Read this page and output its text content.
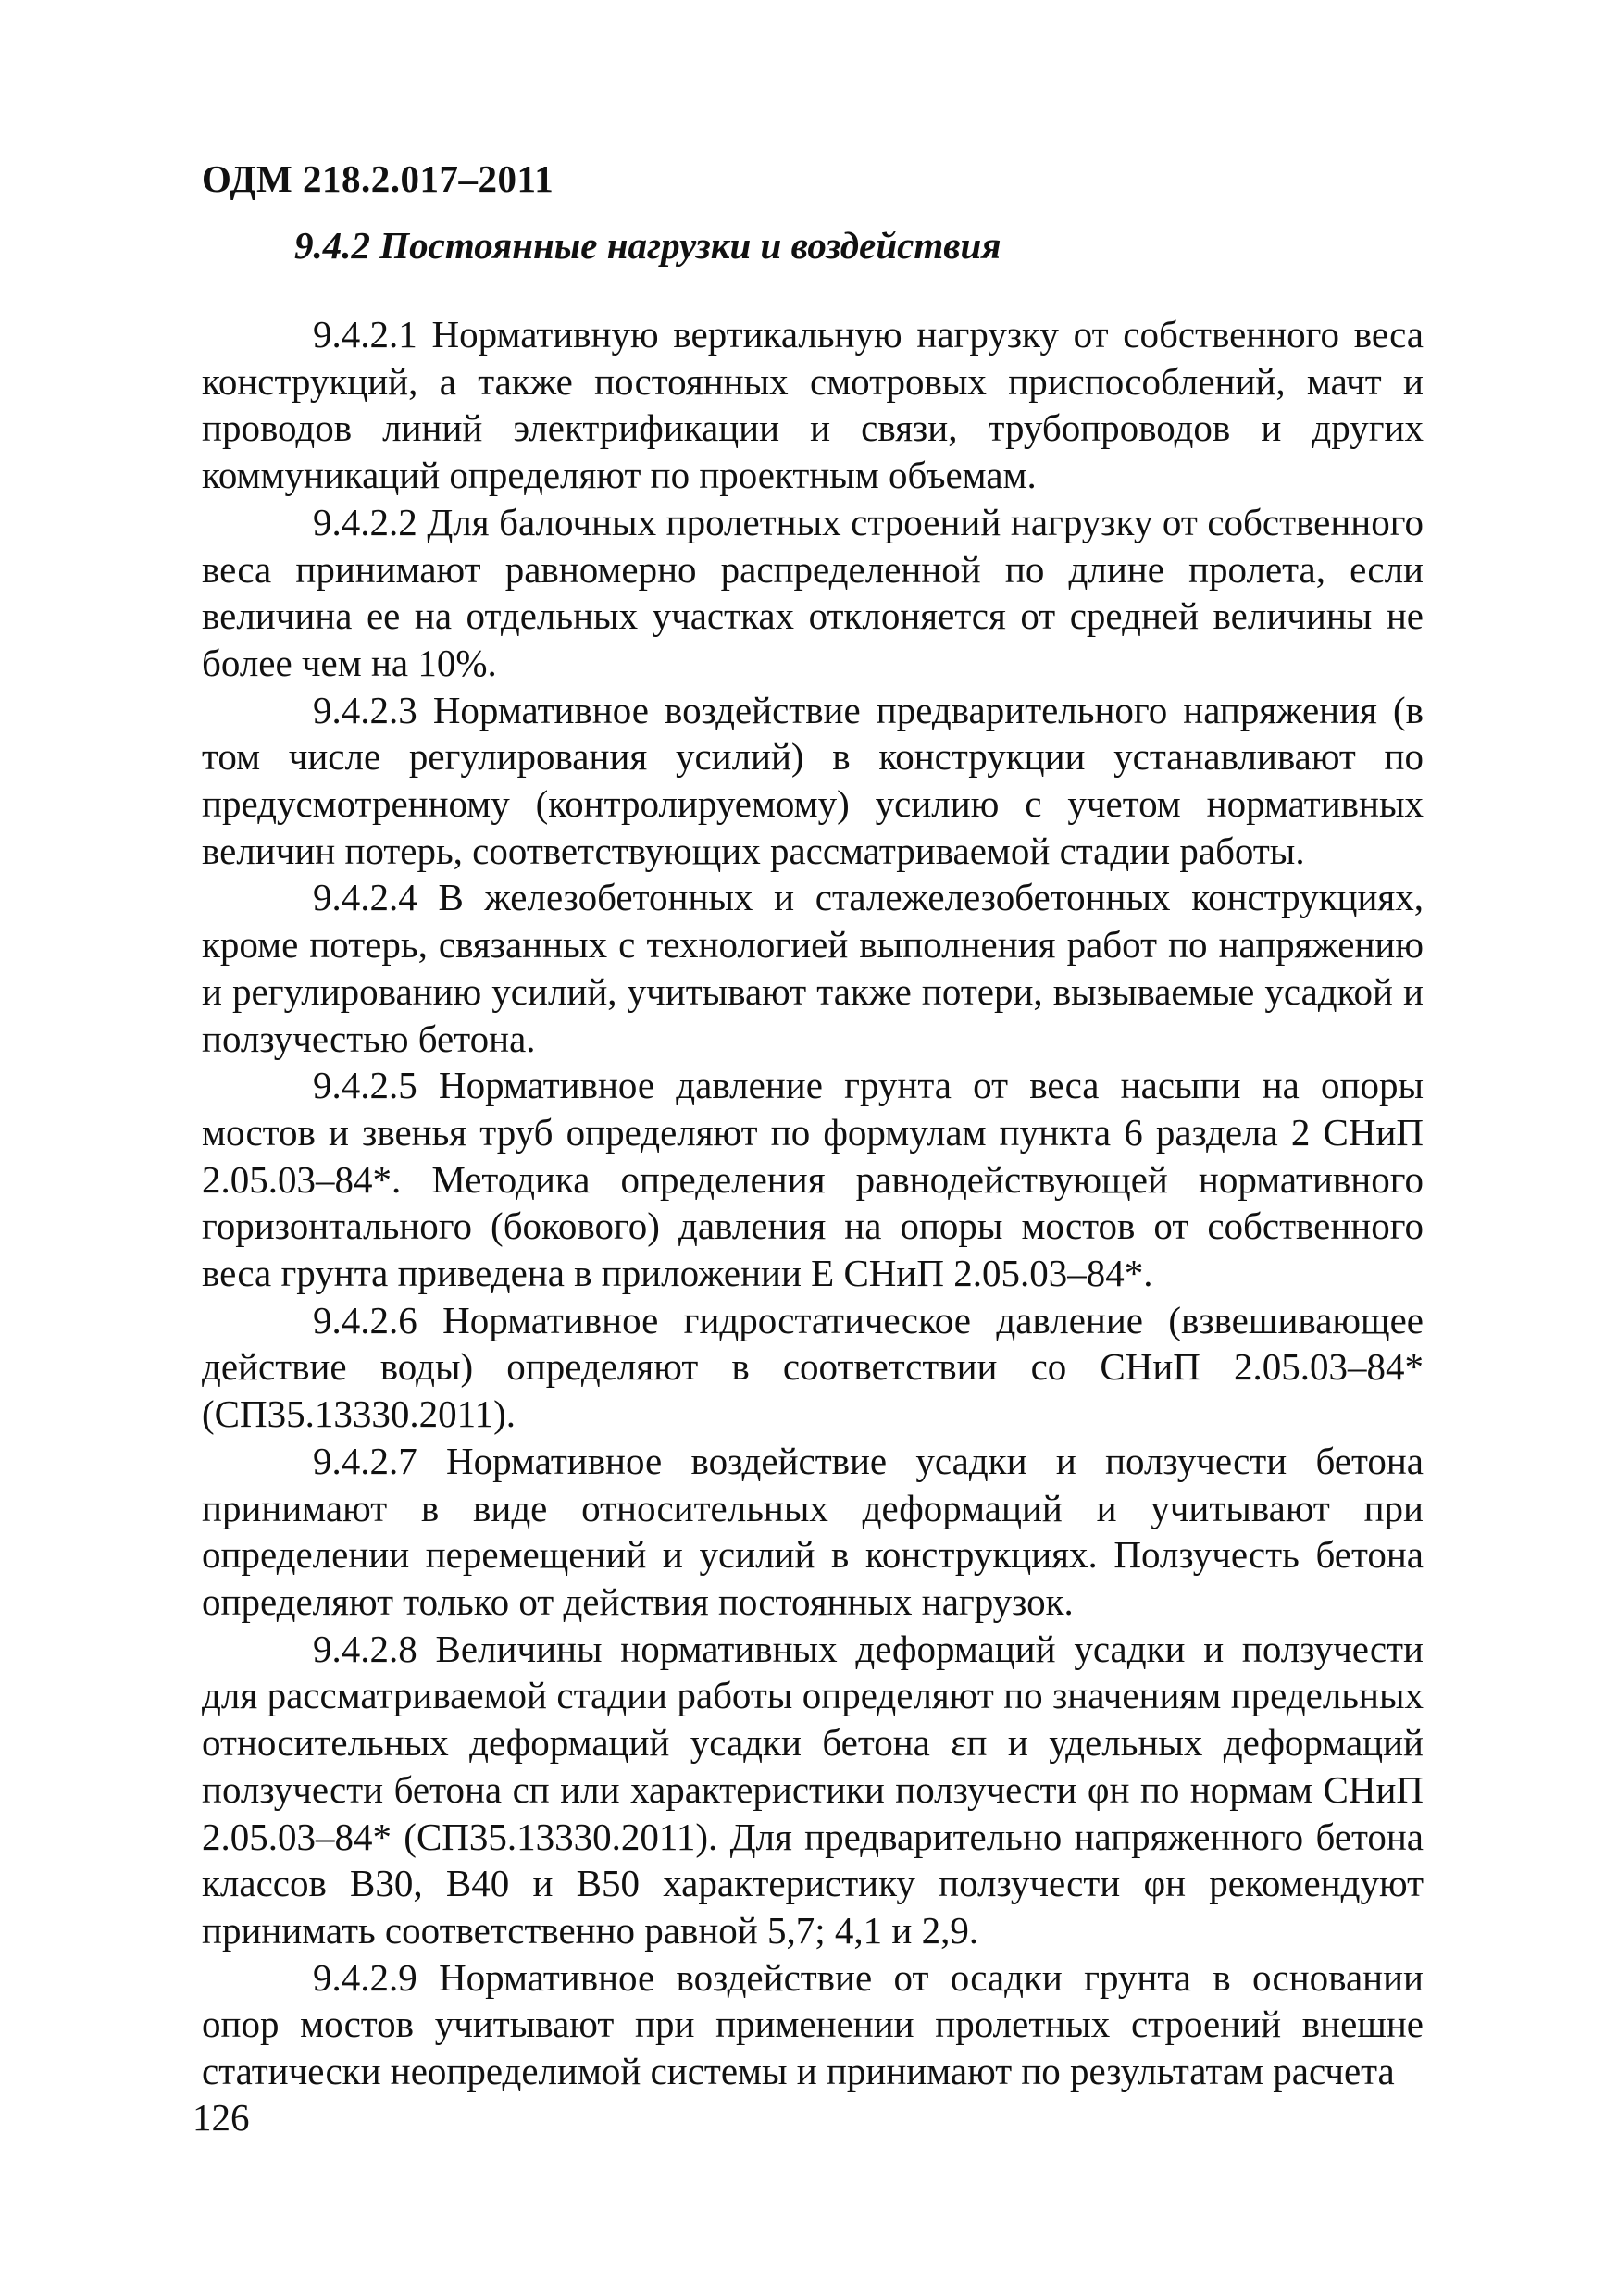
ОДМ 218.2.017–2011

9.4.2 Постоянные нагрузки и воздействия

9.4.2.1 Нормативную вертикальную нагрузку от собственного веса конструкций, а также постоянных смотровых приспособлений, мачт и проводов линий электрификации и связи, трубопроводов и других коммуникаций определяют по проектным объемам.

9.4.2.2 Для балочных пролетных строений нагрузку от собственного веса принимают равномерно распределенной по длине пролета, если величина ее на отдельных участках отклоняется от средней величины не более чем на 10%.

9.4.2.3 Нормативное воздействие предварительного напряжения (в том числе регулирования усилий) в конструкции устанавливают по предусмотренному (контролируемому) усилию с учетом нормативных величин потерь, соответствующих рассматриваемой стадии работы.

9.4.2.4 В железобетонных и сталежелезобетонных конструкциях, кроме потерь, связанных с технологией выполнения работ по напряжению и регулированию усилий, учитывают также потери, вызываемые усадкой и ползучестью бетона.

9.4.2.5 Нормативное давление грунта от веса насыпи на опоры мостов и звенья труб определяют по формулам пункта 6 раздела 2 СНиП 2.05.03–84*. Методика определения равнодействующей нормативного горизонтального (бокового) давления на опоры мостов от собственного веса грунта приведена в приложении Е СНиП 2.05.03–84*.

9.4.2.6 Нормативное гидростатическое давление (взвешивающее действие воды) определяют в соответствии со СНиП 2.05.03–84* (СП35.13330.2011).

9.4.2.7 Нормативное воздействие усадки и ползучести бетона принимают в виде относительных деформаций и учитывают при определении перемещений и усилий в конструкциях. Ползучесть бетона определяют только от действия постоянных нагрузок.

9.4.2.8 Величины нормативных деформаций усадки и ползучести для рассматриваемой стадии работы определяют по значениям предельных относительных деформаций усадки бетона εп и удельных деформаций ползучести бетона сп или характеристики ползучести φн по нормам СНиП 2.05.03–84* (СП35.13330.2011). Для предварительно напряженного бетона классов В30, В40 и В50 характеристику ползучести φн рекомендуют принимать соответственно равной 5,7; 4,1 и 2,9.

9.4.2.9 Нормативное воздействие от осадки грунта в основании опор мостов учитывают при применении пролетных строений внешне статически неопределимой системы и принимают по результатам расчета

126
